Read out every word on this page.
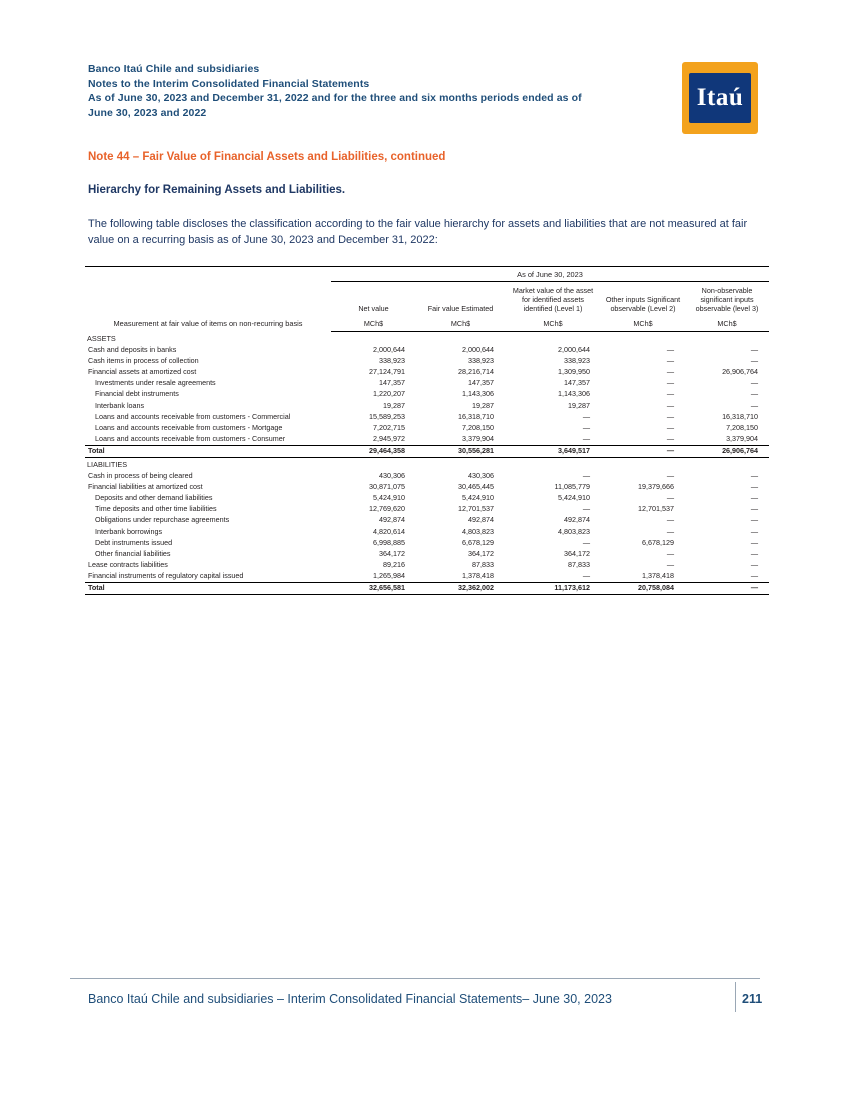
Banco Itaú Chile and subsidiaries
Notes to the Interim Consolidated Financial Statements
As of June 30, 2023 and December 31, 2022 and for the three and six months periods ended as of
June 30, 2023 and 2022
Itaú
Note 44 – Fair Value of Financial Assets and Liabilities, continued
Hierarchy for Remaining Assets and Liabilities.
The following table discloses the classification according to the fair value hierarchy for assets and liabilities that are not measured at fair value on a recurring basis as of June 30, 2023 and December 31, 2022:

	As of June 30, 2023				

Measurement at fair value of items on non-recurring basis	Net value	Fair value Estimated	Market value of the asset for identified assets identified (Level 1)	Other inputs Significant observable (Level 2)	Non-observable significant inputs observable (level 3)
	MCh$	MCh$	MCh$	MCh$	MCh$
ASSETS					
Cash and deposits in banks	2,000,644	2,000,644	2,000,644	—	—
Cash items in process of collection	338,923	338,923	338,923	—	—
Financial assets at amortized cost	27,124,791	28,216,714	1,309,950	—	26,906,764
Investments under resale agreements	147,357	147,357	147,357	—	—
Financial debt instruments	1,220,207	1,143,306	1,143,306	—	—
Interbank loans	19,287	19,287	19,287	—	—
Loans and accounts receivable from customers - Commercial	15,589,253	16,318,710	—	—	16,318,710
Loans and accounts receivable from customers - Mortgage	7,202,715	7,208,150	—	—	7,208,150
Loans and accounts receivable from customers - Consumer	2,945,972	3,379,904	—	—	3,379,904
Total	29,464,358	30,556,281	3,649,517	—	26,906,764
LIABILITIES					
Cash in process of being cleared	430,306	430,306	—	—	—
Financial liabilities at amortized cost	30,871,075	30,465,445	11,085,779	19,379,666	—
Deposits and other demand liabilities	5,424,910	5,424,910	5,424,910	—	—
Time deposits and other time liabilities	12,769,620	12,701,537	—	12,701,537	—
Obligations under repurchase agreements	492,874	492,874	492,874	—	—
Interbank borrowings	4,820,614	4,803,823	4,803,823	—	—
Debt instruments issued	6,998,885	6,678,129	—	6,678,129	—
Other financial liabilities	364,172	364,172	364,172	—	—
Lease contracts liabilities	89,216	87,833	87,833	—	—
Financial instruments of regulatory capital issued	1,265,984	1,378,418	—	1,378,418	—
Total	32,656,581	32,362,002	11,173,612	20,758,084	—
Banco Itaú Chile and subsidiaries – Interim Consolidated Financial Statements– June 30, 2023	211
